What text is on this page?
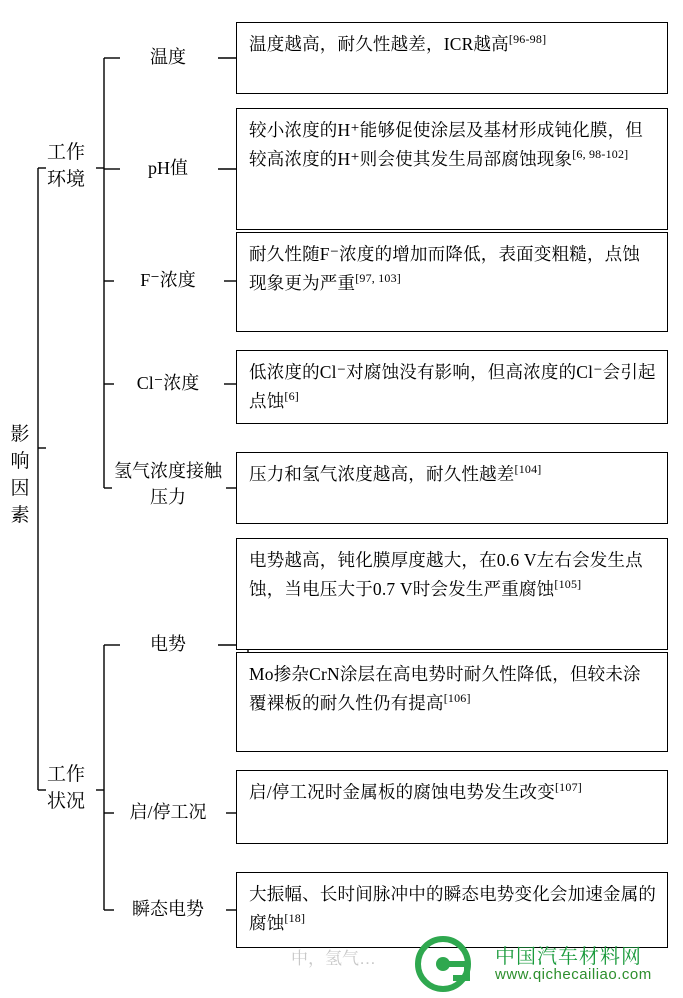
影响因素
工作环境
工作状况
温度
pH值
F⁻浓度
Cl⁻浓度
氢气浓度接触压力
电势
启/停工况
瞬态电势
温度越高，耐久性越差，ICR越高[96-98]
较小浓度的H⁺能够促使涂层及基材形成钝化膜，但较高浓度的H⁺则会使其发生局部腐蚀现象[6, 98-102]
耐久性随F⁻浓度的增加而降低，表面变粗糙，点蚀现象更为严重[97, 103]
低浓度的Cl⁻对腐蚀没有影响，但高浓度的Cl⁻会引起点蚀[6]
压力和氢气浓度越高，耐久性越差[104]
电势越高，钝化膜厚度越大，在0.6 V左右会发生点蚀，当电压大于0.7 V时会发生严重腐蚀[105]
Mo掺杂CrN涂层在高电势时耐久性降低，但较未涂覆裸板的耐久性仍有提高[106]
启/停工况时金属板的腐蚀电势发生改变[107]
大振幅、长时间脉冲中的瞬态电势变化会加速金属的腐蚀[18]
中国汽车材料网
www.qichecailiao.com
中，氢气…
